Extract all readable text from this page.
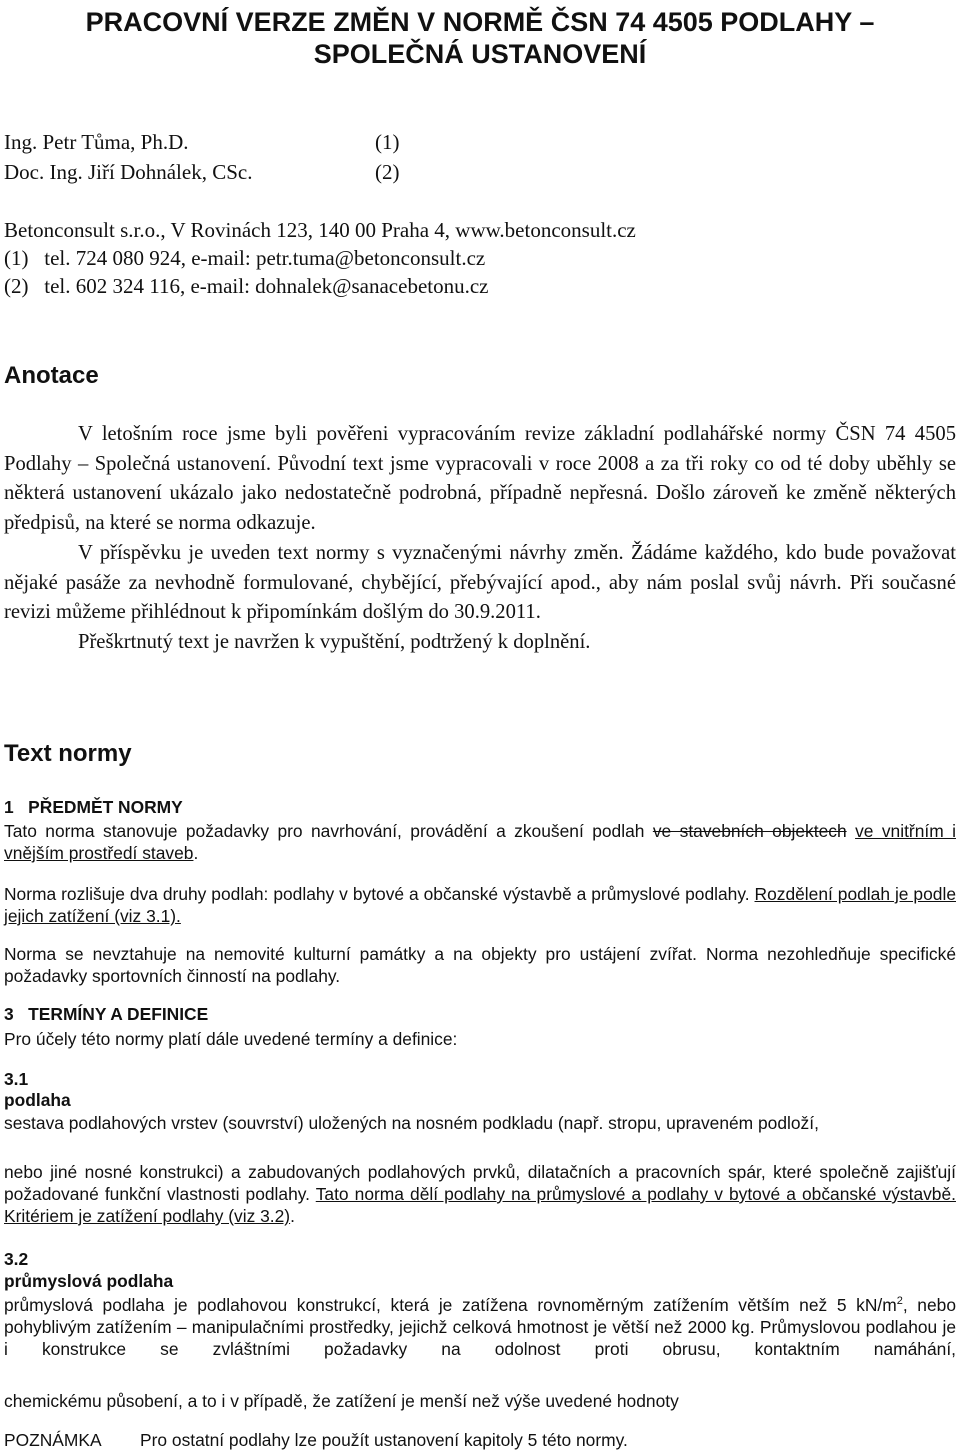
PRACOVNÍ VERZE ZMĚN V NORMĚ ČSN 74 4505 PODLAHY –
SPOLEČNÁ USTANOVENÍ

Ing. Petr Tůma, Ph.D.	(1)

Doc. Ing. Jiří Dohnálek, CSc.	(2)

Betonconsult s.r.o., V Rovinách 123, 140 00 Praha 4, www.betonconsult.cz

(1)   tel. 724 080 924, e-mail: petr.tuma@betonconsult.cz

(2)   tel. 602 324 116, e-mail: dohnalek@sanacebetonu.cz

Anotace

V letošním roce jsme byli pověřeni vypracováním revize základní podlahářské normy ČSN 74 4505 Podlahy – Společná ustanovení. Původní text jsme vypracovali v roce 2008 a za tři roky co od té doby uběhly se některá ustanovení ukázalo jako nedostatečně podrobná, případně nepřesná. Došlo zároveň ke změně některých předpisů, na které se norma odkazuje.

V příspěvku je uveden text normy s vyznačenými návrhy změn. Žádáme každého, kdo bude považovat nějaké pasáže za nevhodně formulované, chybějící, přebývající apod., aby nám poslal svůj návrh. Při současné revizi můžeme přihlédnout k připomínkám došlým do 30.9.2011.

Přeškrtnutý text je navržen k vypuštění, podtržený k doplnění.

Text normy

1   PŘEDMĚT NORMY

Tato norma stanovuje požadavky pro navrhování, provádění a zkoušení podlah ve stavebních objektech ve vnitřním i vnějším prostředí staveb.

Norma rozlišuje dva druhy podlah: podlahy v bytové a občanské výstavbě a průmyslové podlahy. Rozdělení podlah je podle jejich zatížení (viz 3.1).

Norma se nevztahuje na nemovité kulturní památky a na objekty pro ustájení zvířat. Norma nezohledňuje specifické požadavky sportovních činností na podlahy.

3   TERMÍNY A DEFINICE

Pro účely této normy platí dále uvedené termíny a definice:

3.1

podlaha

sestava podlahových vrstev (souvrství) uložených na nosném podkladu (např. stropu, upraveném podloží,

nebo jiné nosné konstrukci) a zabudovaných podlahových prvků, dilatačních a pracovních spár, které společně zajišťují požadované funkční vlastnosti podlahy. Tato norma dělí podlahy na průmyslové a podlahy v bytové a občanské výstavbě. Kritériem je zatížení podlahy (viz 3.2).

3.2

průmyslová podlaha

průmyslová podlaha je podlahovou konstrukcí, která je zatížena rovnoměrným zatížením větším než 5 $kN/m^2$, nebo pohyblivým zatížením – manipulačními prostředky, jejichž celková hmotnost je větší než 2000 kg. Průmyslovou podlahou je i konstrukce se zvláštními požadavky na odolnost proti obrusu, kontaktním namáhání,

chemickému působení, a to i v případě, že zatížení je menší než výše uvedené hodnoty

POZNÁMKA Pro ostatní podlahy lze použít ustanovení kapitoly 5 této normy.
